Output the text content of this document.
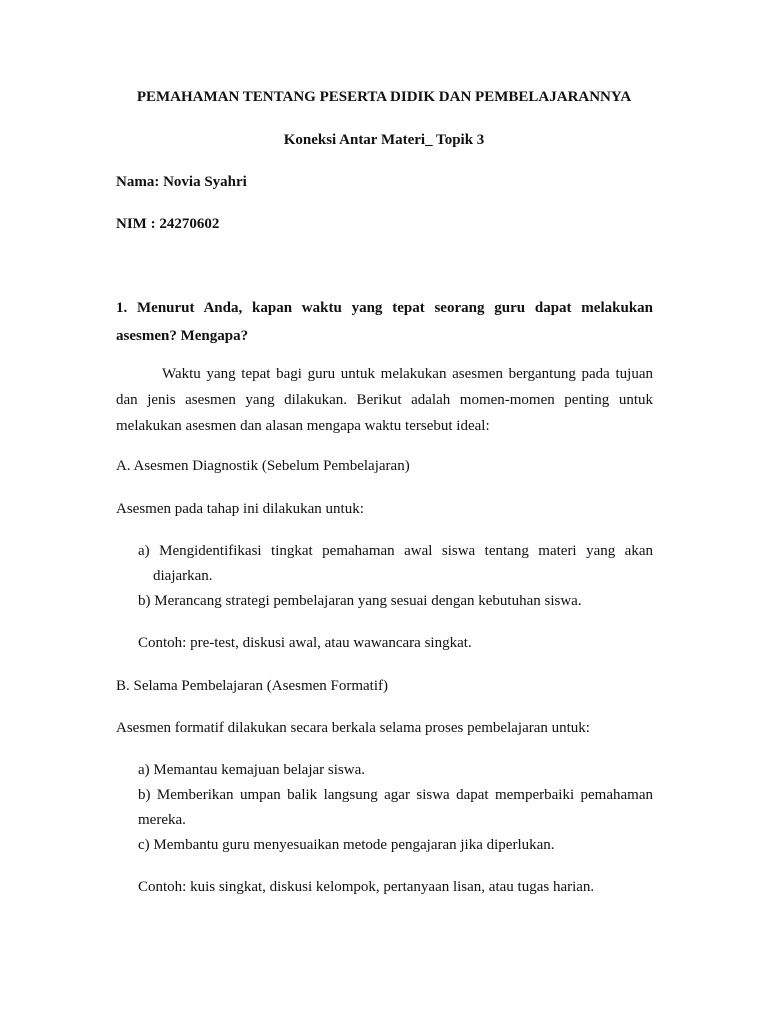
PEMAHAMAN TENTANG PESERTA DIDIK DAN PEMBELAJARANNYA
Koneksi Antar Materi_ Topik 3
Nama: Novia Syahri
NIM : 24270602
1. Menurut Anda, kapan waktu yang tepat seorang guru dapat melakukan asesmen? Mengapa?
Waktu yang tepat bagi guru untuk melakukan asesmen bergantung pada tujuan dan jenis asesmen yang dilakukan. Berikut adalah momen-momen penting untuk melakukan asesmen dan alasan mengapa waktu tersebut ideal:
A. Asesmen Diagnostik (Sebelum Pembelajaran)
Asesmen pada tahap ini dilakukan untuk:
a) Mengidentifikasi tingkat pemahaman awal siswa tentang materi yang akan diajarkan.
b) Merancang strategi pembelajaran yang sesuai dengan kebutuhan siswa.
Contoh: pre-test, diskusi awal, atau wawancara singkat.
B. Selama Pembelajaran (Asesmen Formatif)
Asesmen formatif dilakukan secara berkala selama proses pembelajaran untuk:
a) Memantau kemajuan belajar siswa.
b) Memberikan umpan balik langsung agar siswa dapat memperbaiki pemahaman mereka.
c) Membantu guru menyesuaikan metode pengajaran jika diperlukan.
Contoh: kuis singkat, diskusi kelompok, pertanyaan lisan, atau tugas harian.
